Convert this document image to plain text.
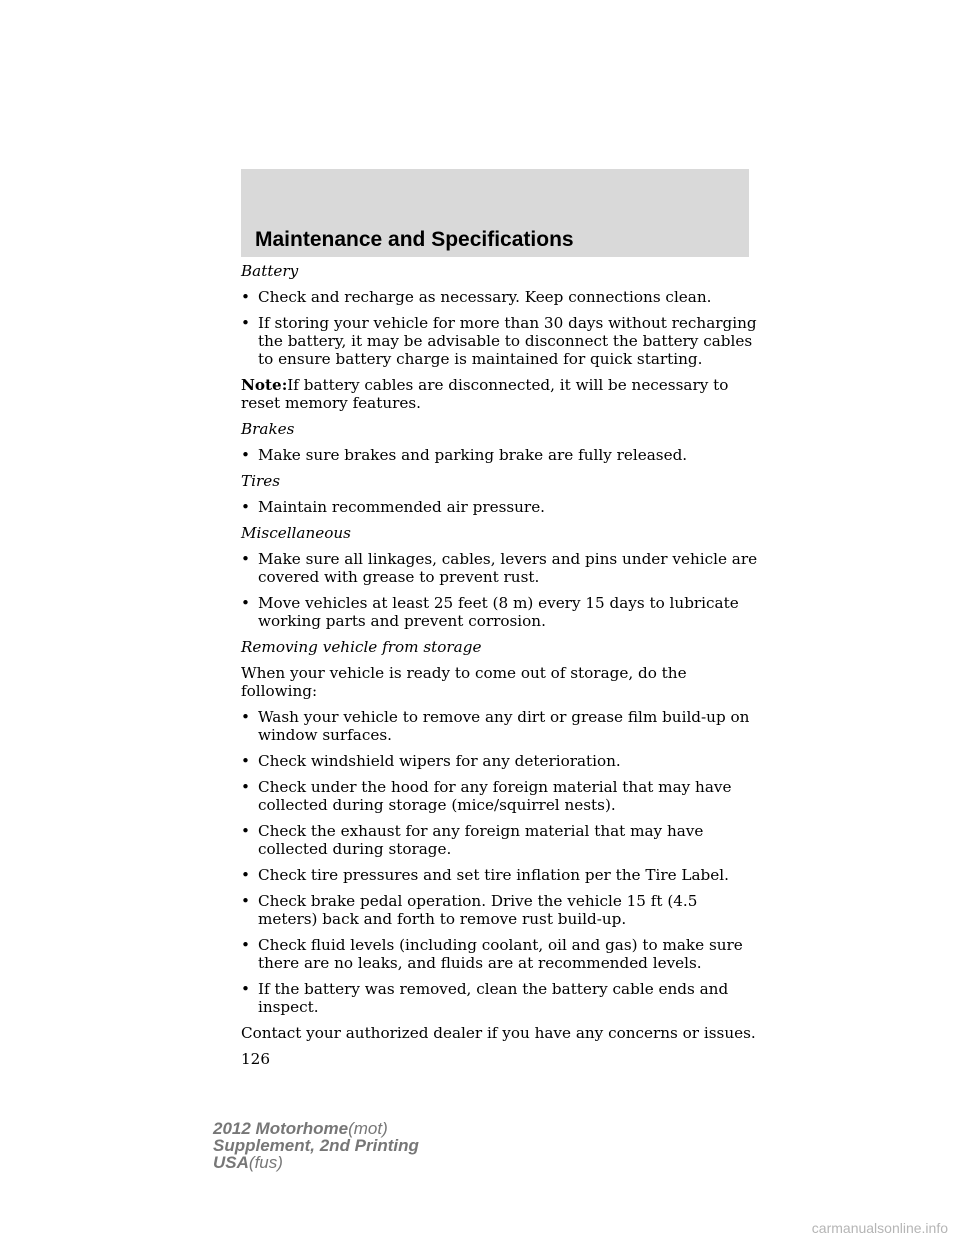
Maintenance and Specifications

Battery

• Check and recharge as necessary. Keep connections clean.
• If storing your vehicle for more than 30 days without recharging the battery, it may be advisable to disconnect the battery cables to ensure battery charge is maintained for quick starting.

Note:If battery cables are disconnected, it will be necessary to reset memory features.

Brakes

• Make sure brakes and parking brake are fully released.

Tires

• Maintain recommended air pressure.

Miscellaneous

• Make sure all linkages, cables, levers and pins under vehicle are covered with grease to prevent rust.
• Move vehicles at least 25 feet (8 m) every 15 days to lubricate working parts and prevent corrosion.

Removing vehicle from storage

When your vehicle is ready to come out of storage, do the following:

• Wash your vehicle to remove any dirt or grease film build-up on window surfaces.
• Check windshield wipers for any deterioration.
• Check under the hood for any foreign material that may have collected during storage (mice/squirrel nests).
• Check the exhaust for any foreign material that may have collected during storage.
• Check tire pressures and set tire inflation per the Tire Label.
• Check brake pedal operation. Drive the vehicle 15 ft (4.5 meters) back and forth to remove rust build-up.
• Check fluid levels (including coolant, oil and gas) to make sure there are no leaks, and fluids are at recommended levels.
• If the battery was removed, clean the battery cable ends and inspect.

Contact your authorized dealer if you have any concerns or issues.

126

2012 Motorhome(mot)
Supplement, 2nd Printing
USA(fus)
carmanualsonline.info
